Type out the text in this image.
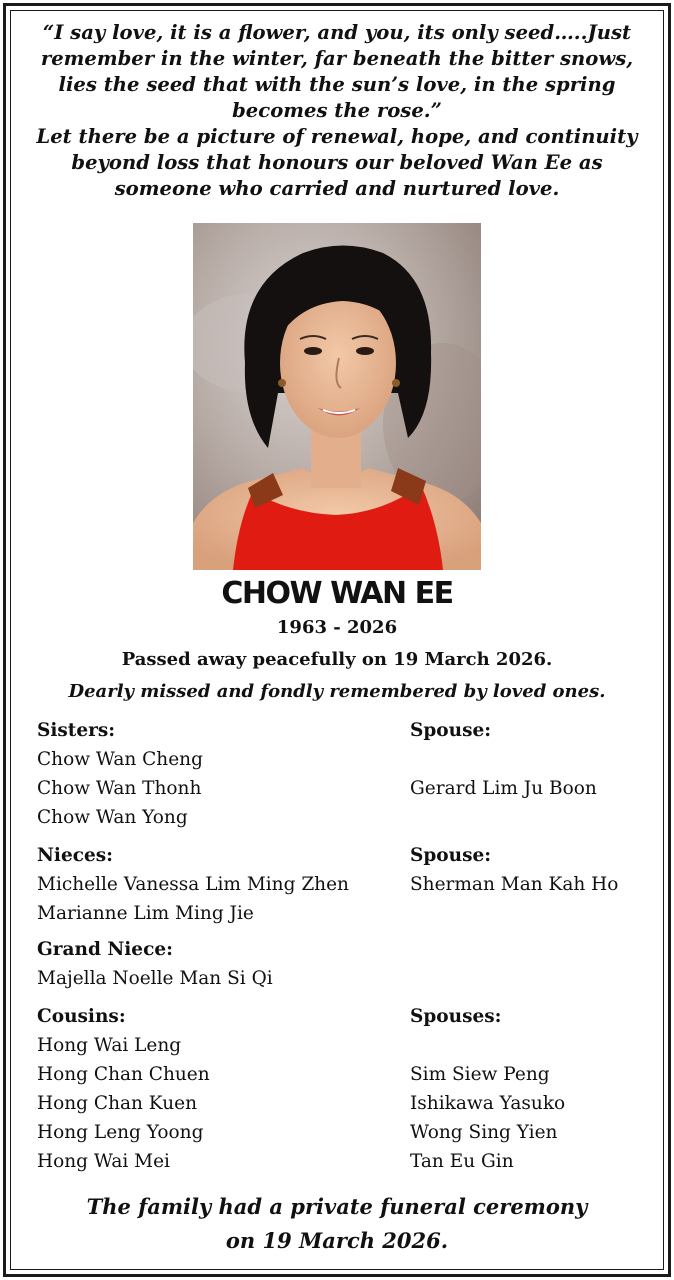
“I say love, it is a flower, and you, its only seed…..Just

remember in the winter, far beneath the bitter snows,

lies the seed that with the sun’s love, in the spring

becomes the rose.”

Let there be a picture of renewal, hope, and continuity

beyond loss that honours our beloved Wan Ee as

someone who carried and nurtured love.

CHOW WAN EE
1963 - 2026
Passed away peacefully on 19 March 2026.
Dearly missed and fondly remembered by loved ones.
Sisters:
Chow Wan Cheng
Chow Wan Thonh
Chow Wan Yong
Spouse:
Gerard Lim Ju Boon
Nieces:
Michelle Vanessa Lim Ming Zhen
Marianne Lim Ming Jie
Spouse:
Sherman Man Kah Ho
Grand Niece:
Majella Noelle Man Si Qi
Cousins:
Hong Wai Leng
Hong Chan Chuen
Hong Chan Kuen
Hong Leng Yoong
Hong Wai Mei
Spouses:
Sim Siew Peng
Ishikawa Yasuko
Wong Sing Yien
Tan Eu Gin

The family had a private funeral ceremony

on 19 March 2026.
